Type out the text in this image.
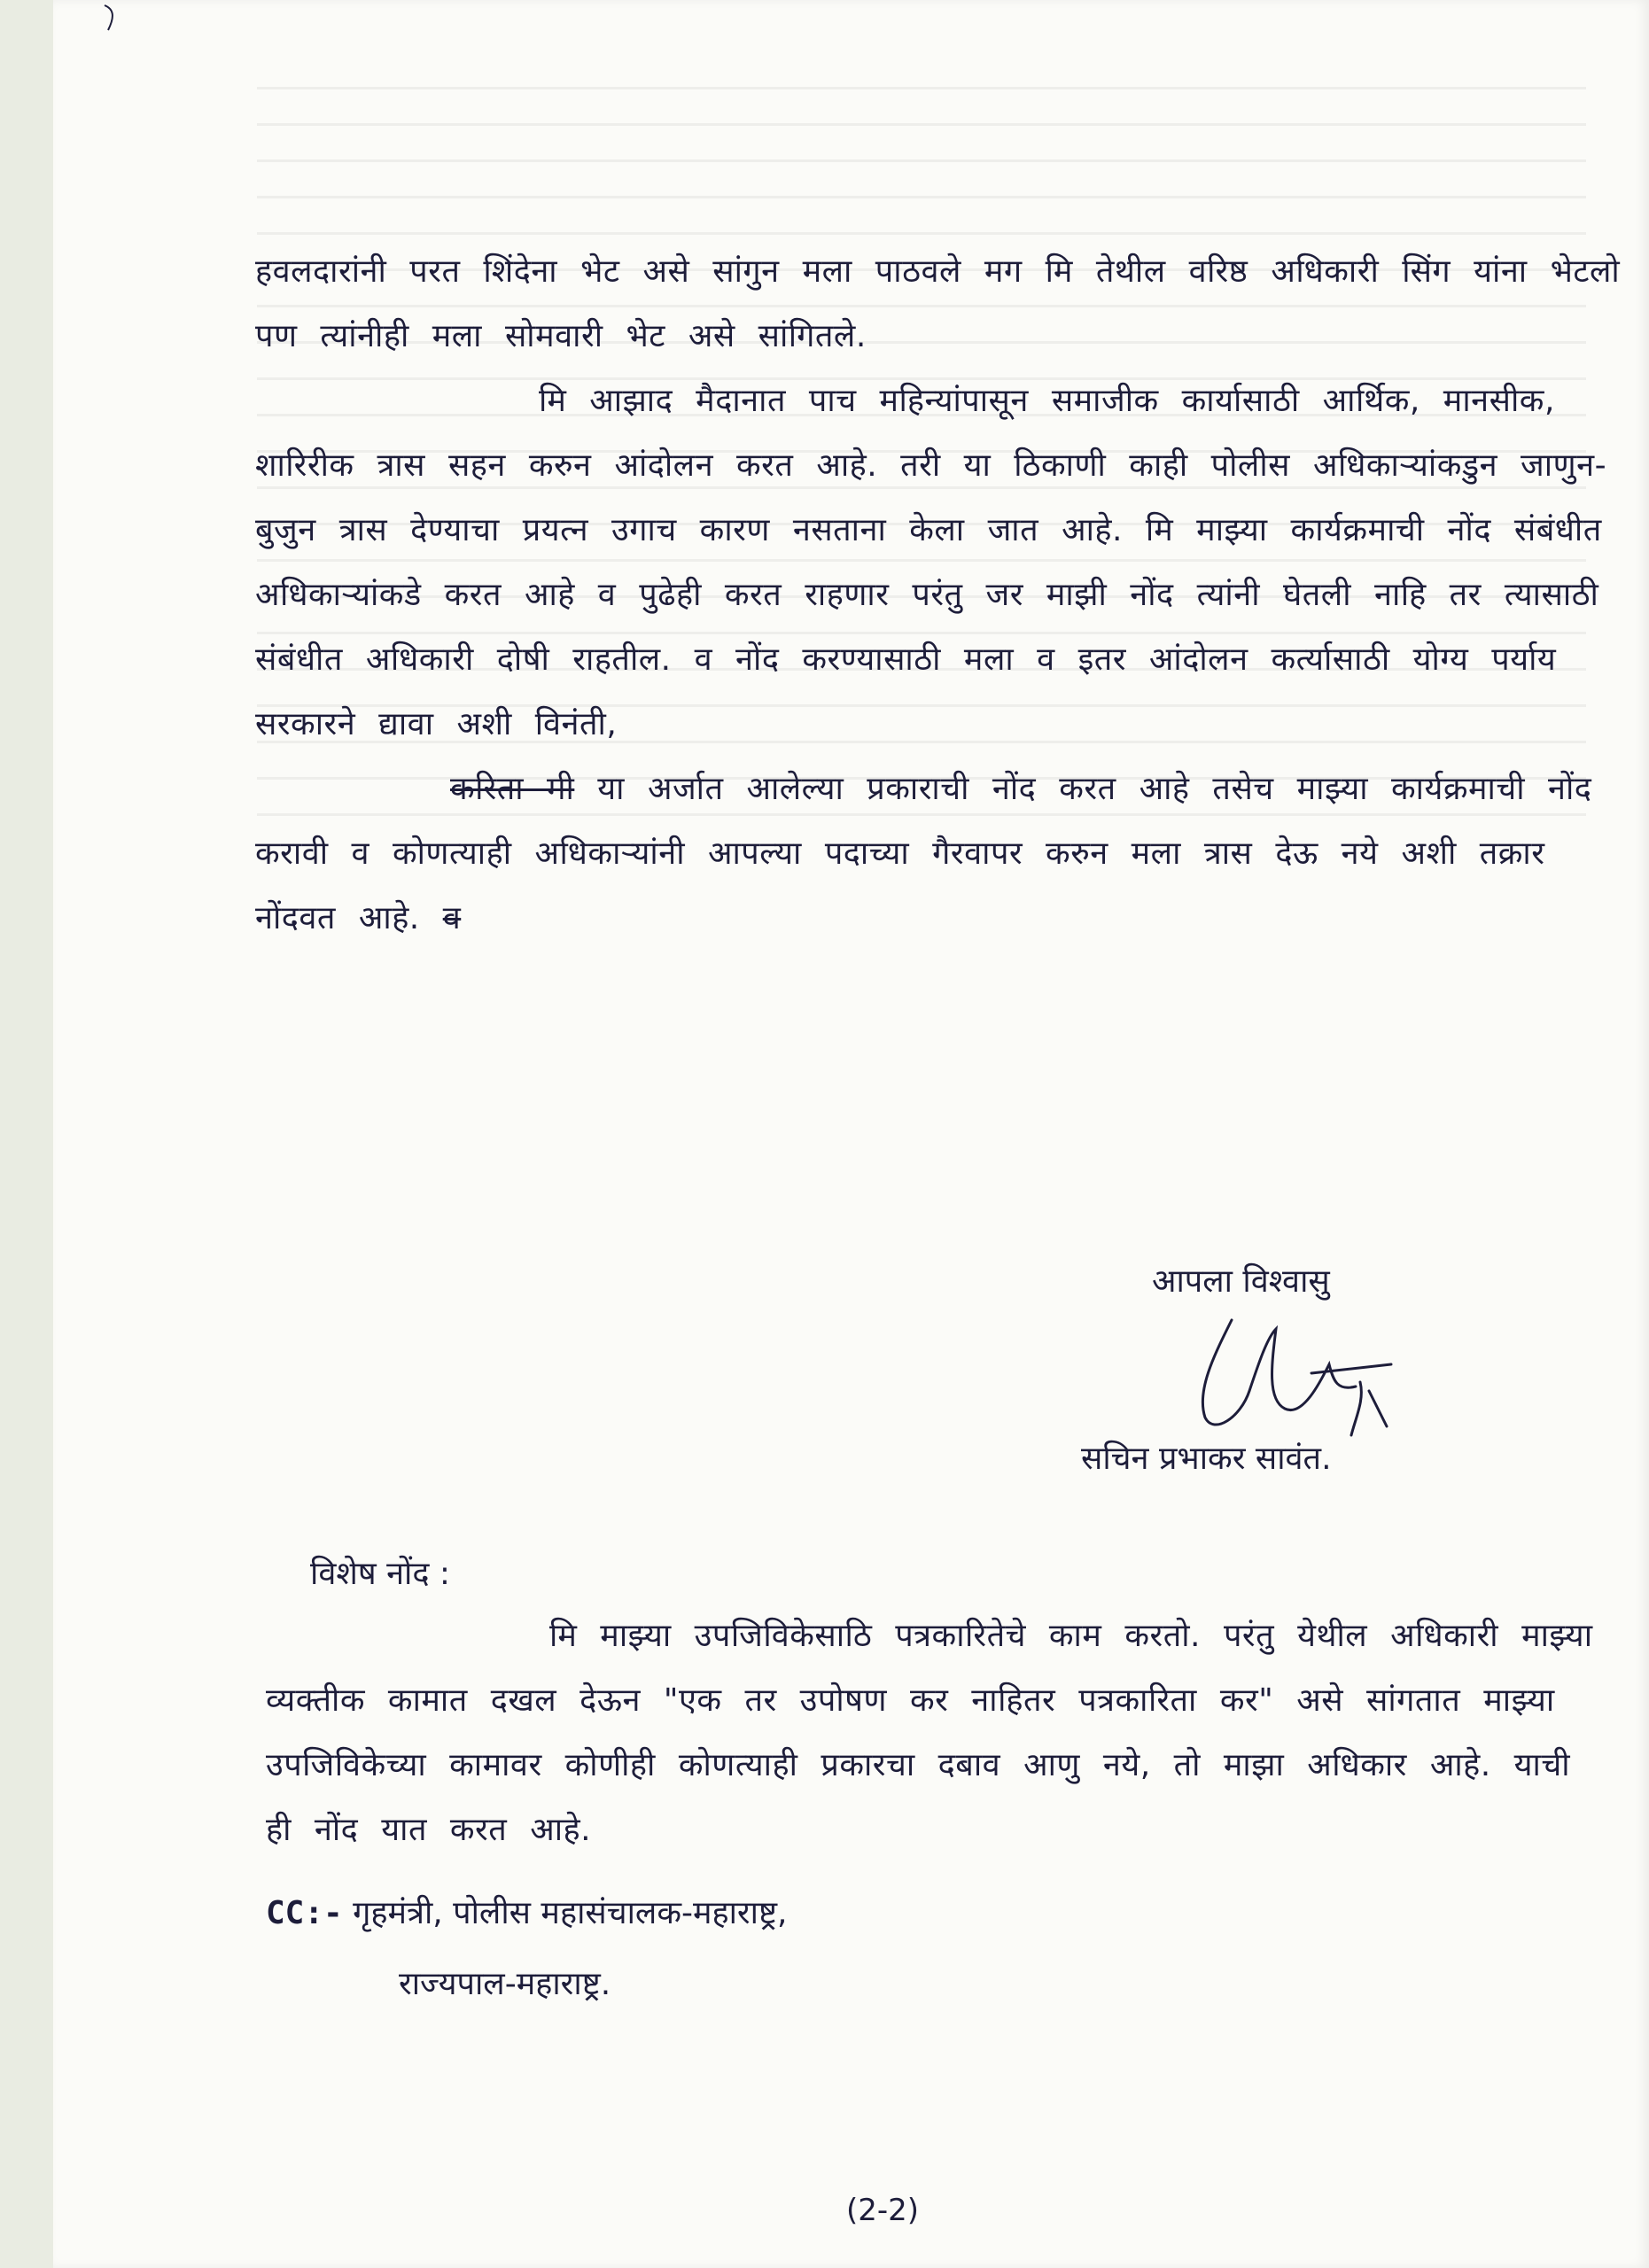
हवलदारांनी परत शिंदेना भेट असे सांगुन मला पाठवले मग मि तेथील वरिष्ठ अधिकारी सिंग यांना भेटलो पण त्यांनीही मला सोमवारी भेट असे सांगितले.

मि आझाद मैदानात पाच महिन्यांपासून समाजीक कार्यासाठी आर्थिक, मानसीक, शारिरीक त्रास सहन करुन आंदोलन करत आहे. तरी या ठिकाणी काही पोलीस अधिकाऱ्यांकडुन जाणुन-बुजुन त्रास देण्याचा प्रयत्न उगाच कारण नसताना केला जात आहे. मि माझ्या कार्यक्रमाची नोंद संबंधीत अधिकाऱ्यांकडे करत आहे व पुढेही करत राहणार परंतु जर माझी नोंद त्यांनी घेतली नाहि तर त्यासाठी संबंधीत अधिकारी दोषी राहतील. व नोंद करण्यासाठी मला व इतर आंदोलन कर्त्यासाठी योग्य पर्याय सरकारने द्यावा अशी विनंती,

करिता मी या अर्जात आलेल्या प्रकाराची नोंद करत आहे तसेच माझ्या कार्यक्रमाची नोंद करावी व कोणत्याही अधिकाऱ्यांनी आपल्या पदाच्या गैरवापर करुन मला त्रास देऊ नये अशी तक्रार नोंदवत आहे. व

आपला विश्वासु
सचिन प्रभाकर सावंत.
विशेष नोंद :

मि माझ्या उपजिविकेसाठि पत्रकारितेचे काम करतो. परंतु येथील अधिकारी माझ्या व्यक्तीक कामात दखल देऊन "एक तर उपोषण कर नाहितर पत्रकारिता कर" असे सांगतात माझ्या उपजिविकेच्या कामावर कोणीही कोणत्याही प्रकारचा दबाव आणु नये, तो माझा अधिकार आहे. याची ही नोंद यात करत आहे.

CC:- गृहमंत्री, पोलीस महासंचालक-महाराष्ट्र,
राज्यपाल-महाराष्ट्र.
(2-2)
